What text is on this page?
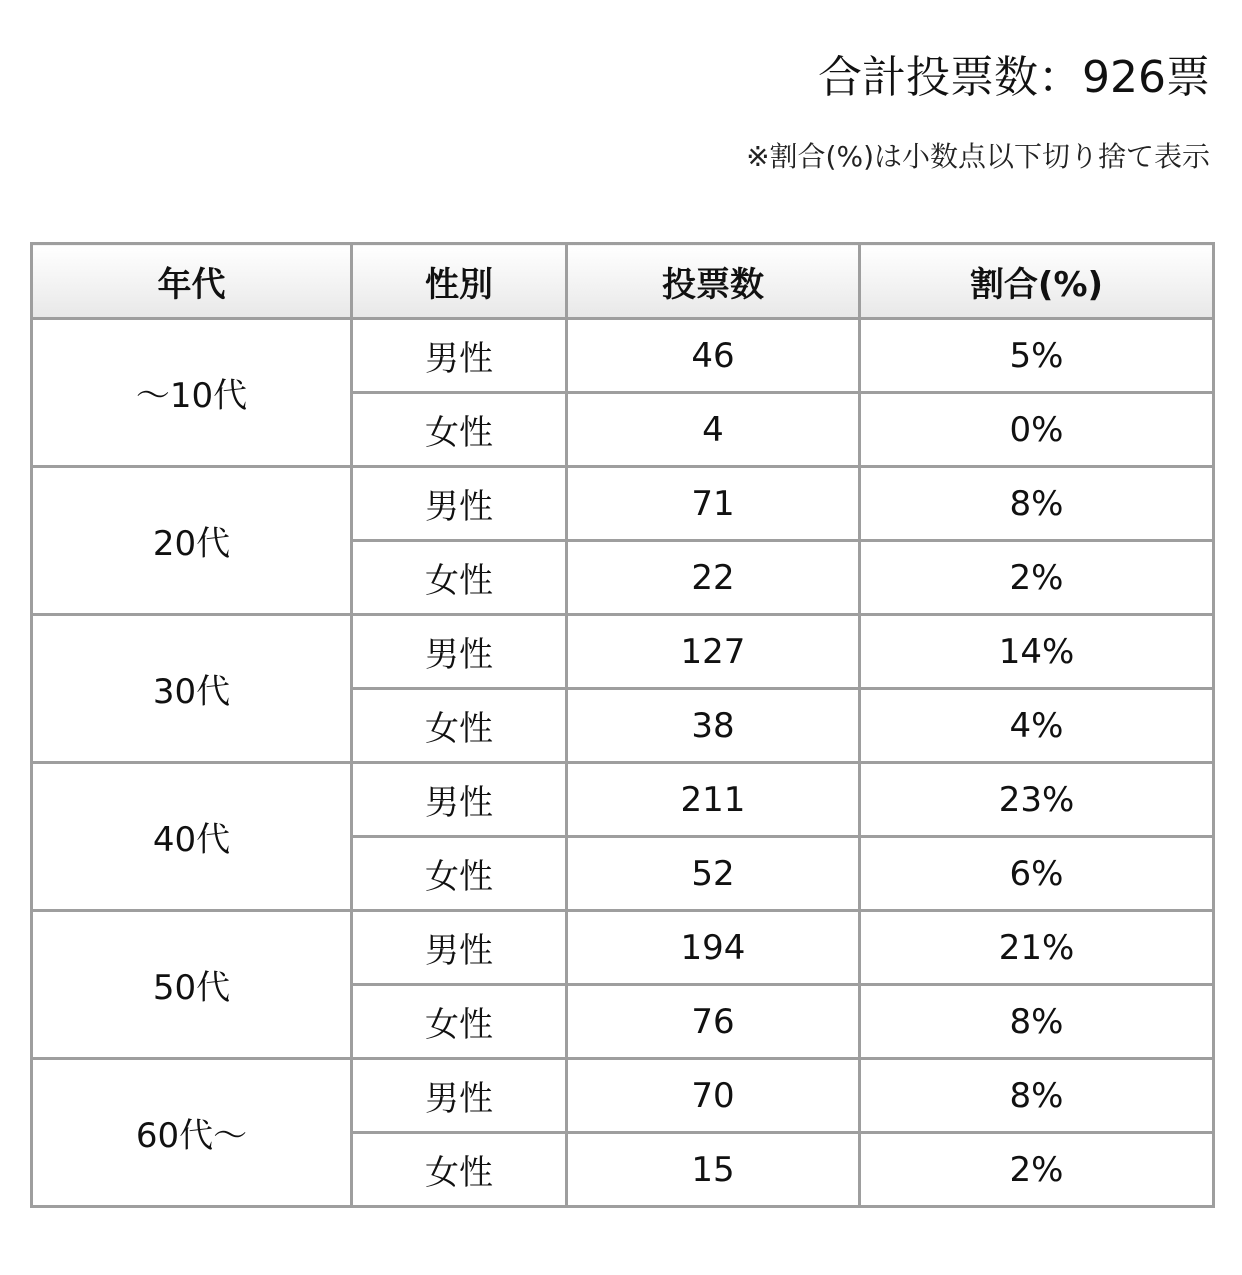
合計投票数：926票
※割合(%)は小数点以下切り捨て表示
年代	性別	投票数	割合(%)
～10代	男性	46	5%
	女性	4	0%
20代	男性	71	8%
	女性	22	2%
30代	男性	127	14%
	女性	38	4%
40代	男性	211	23%
	女性	52	6%
50代	男性	194	21%
	女性	76	8%
60代～	男性	70	8%
	女性	15	2%
